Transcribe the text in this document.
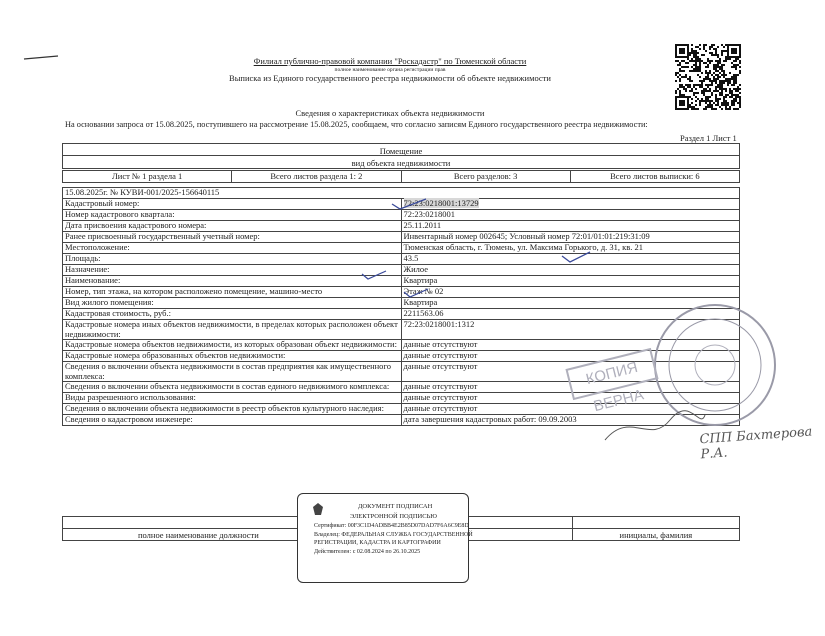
Филиал публично-правовой компании "Роскадастр" по Тюменской области
полное наименование органа регистрации прав
Выписка из Единого государственного реестра недвижимости об объекте недвижимости
Сведения о характеристиках объекта недвижимости
На основании запроса от 15.08.2025, поступившего на рассмотрение 15.08.2025, сообщаем, что согласно записям Единого государственного реестра недвижимости:
Раздел 1 Лист 1
Помещение
вид объекта недвижимости
Лист № 1 раздела 1	Всего листов раздела 1: 2	Всего разделов: 3	Всего листов выписки: 6
15.08.2025г. № КУВИ-001/2025-156640115	
Кадастровый номер:	72:23:0218001:13729
Номер кадастрового квартала:	72:23:0218001
Дата присвоения кадастрового номера:	25.11.2011
Ранее присвоенный государственный учетный номер:	Инвентарный номер 002645; Условный номер 72:01/01:01:219:31:09
Местоположение:	Тюменская область, г. Тюмень, ул. Максима Горького, д. 31, кв. 21
Площадь:	43.5
Назначение:	Жилое
Наименование:	Квартира
Номер, тип этажа, на котором расположено помещение, машино-место	Этаж № 02
Вид жилого помещения:	Квартира
Кадастровая стоимость, руб.:	2211563.06
Кадастровые номера иных объектов недвижимости, в пределах которых расположен объект недвижимости:	72:23:0218001:1312
Кадастровые номера объектов недвижимости, из которых образован объект недвижимости:	данные отсутствуют
Кадастровые номера образованных объектов недвижимости:	данные отсутствуют
Сведения о включении объекта недвижимости в состав предприятия как имущественного комплекса:	данные отсутствуют
Сведения о включении объекта недвижимости в состав единого недвижимого комплекса:	данные отсутствуют
Виды разрешенного использования:	данные отсутствуют
Сведения о включении объекта недвижимости в реестр объектов культурного наследия:	данные отсутствуют
Сведения о кадастровом инженере:	дата завершения кадастровых работ: 09.09.2003
КОПИЯ ВЕРНА
СПП Бахтерова Р.А.

полное наименование должности		инициалы, фамилия
ДОКУМЕНТ ПОДПИСАН
ЭЛЕКТРОННОЙ ПОДПИСЬЮ
Сертификат: 00F3C1D4ADBB4E2B85D07DAD7F6A6C9E8D
Владелец: ФЕДЕРАЛЬНАЯ СЛУЖБА ГОСУДАРСТВЕННОЙ
РЕГИСТРАЦИИ, КАДАСТРА И КАРТОГРАФИИ
Действителен: с 02.08.2024 по 26.10.2025
